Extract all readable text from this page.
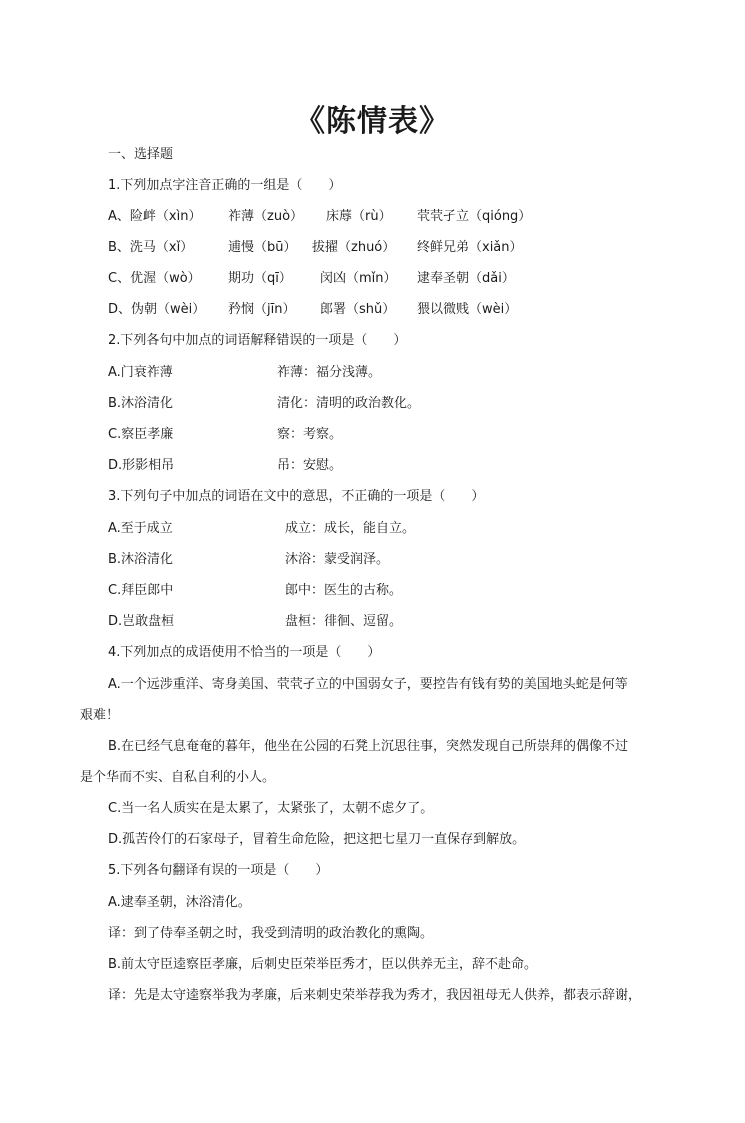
《陈情表》
一、选择题
1.下列加点字注音正确的一组是（　　）
A、险衅（xìn） 祚薄（zuò） 床蓐（rù） 茕茕孑立（qióng）
B、洗马（xǐ）	逋慢（bū） 拔擢（zhuó） 终鲜兄弟（xiǎn）
C、优渥（wò） 期功（qī） 闵凶（mǐn） 逮奉圣朝（dǎi）
D、伪朝（wèi） 矜悯（jīn） 郎署（shǔ） 猥以微贱（wèi）
2.下列各句中加点的词语解释错误的一项是（　　）
A.门衰祚薄	祚薄：福分浅薄。
B.沐浴清化	清化：清明的政治教化。
C.察臣孝廉	察：考察。
D.形影相吊	吊：安慰。
3.下列句子中加点的词语在文中的意思，不正确的一项是（　　）
A.至于成立	成立：成长，能自立。
B.沐浴清化	沐浴：蒙受润泽。
C.拜臣郎中	郎中：医生的古称。
D.岂敢盘桓	盘桓：徘徊、逗留。
4.下列加点的成语使用不恰当的一项是（　　）
A.一个远涉重洋、寄身美国、茕茕孑立的中国弱女子，要控告有钱有势的美国地头蛇是何等
艰难！
B.在已经气息奄奄的暮年，他坐在公园的石凳上沉思往事，突然发现自己所崇拜的偶像不过
是个华而不实、自私自利的小人。
C.当一名人质实在是太累了，太紧张了，太朝不虑夕了。
D.孤苦伶仃的石家母子，冒着生命危险，把这把七星刀一直保存到解放。
5.下列各句翻译有误的一项是（　　）
A.逮奉圣朝，沐浴清化。
译：到了侍奉圣朝之时，我受到清明的政治教化的熏陶。
B.前太守臣逵察臣孝廉，后刺史臣荣举臣秀才，臣以供养无主，辞不赴命。
译：先是太守逵察举我为孝廉，后来刺史荣举荐我为秀才，我因祖母无人供养，都表示辞谢，
